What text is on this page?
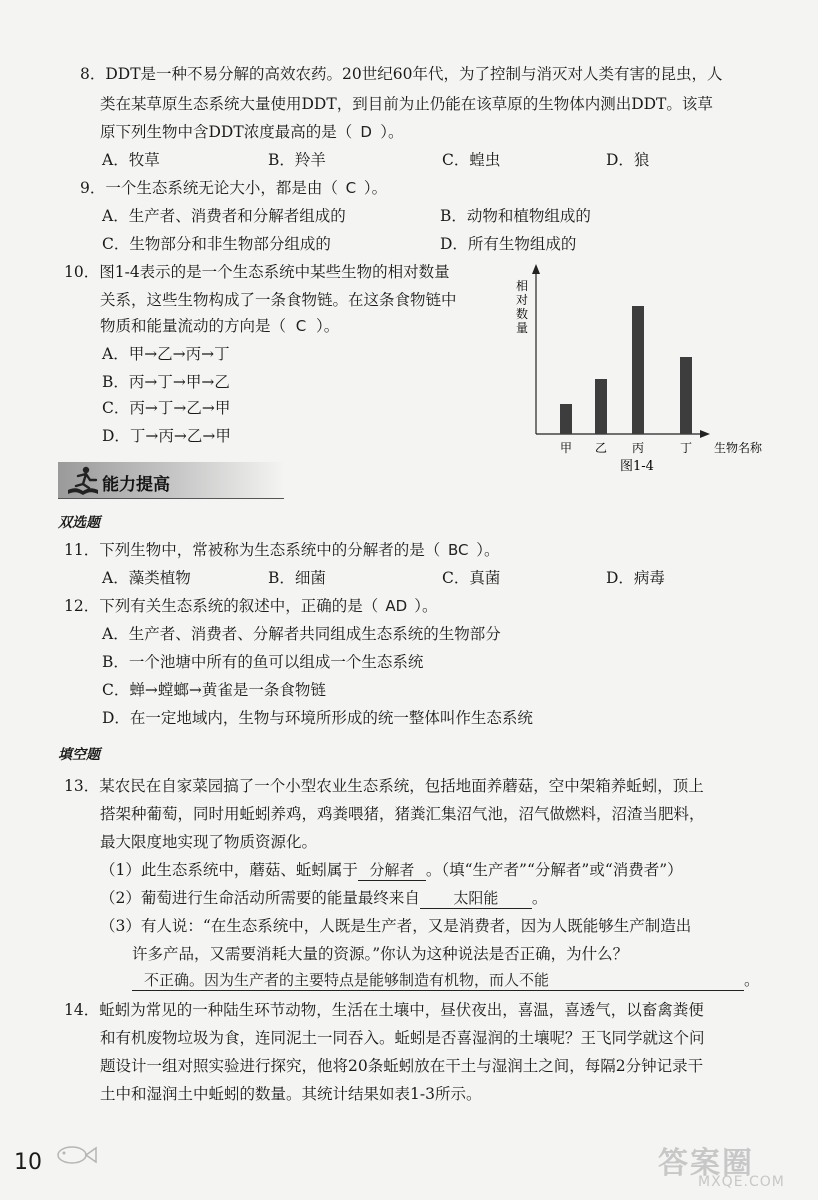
8．DDT是一种不易分解的高效农药。20世纪60年代，为了控制与消灭对人类有害的昆虫，人
类在某草原生态系统大量使用DDT，到目前为止仍能在该草原的生物体内测出DDT。该草
原下列生物中含DDT浓度最高的是（ D ）。
A．牧草	B．羚羊	C．蝗虫	D．狼
9．一个生态系统无论大小，都是由（ C ）。
A．生产者、消费者和分解者组成的	B．动物和植物组成的
C．生物部分和非生物部分组成的	D．所有生物组成的
10．图1-4表示的是一个生态系统中某些生物的相对数量
关系，这些生物构成了一条食物链。在这条食物链中
物质和能量流动的方向是（ C ）。
A．甲→乙→丙→丁
B．丙→丁→甲→乙
C．丙→丁→乙→甲
D．丁→丙→乙→甲
相
对
数
量
甲 乙 丙	丁 生物名称
图1-4
能力提高
双选题
11．下列生物中，常被称为生态系统中的分解者的是（ BC ）。
A．藻类植物	B．细菌	C．真菌	D．病毒
12．下列有关生态系统的叙述中，正确的是（ AD ）。
A．生产者、消费者、分解者共同组成生态系统的生物部分
B．一个池塘中所有的鱼可以组成一个生态系统
C．蝉→螳螂→黄雀是一条食物链
D．在一定地域内，生物与环境所形成的统一整体叫作生态系统
填空题
13．某农民在自家菜园搞了一个小型农业生态系统，包括地面养蘑菇，空中架箱养蚯蚓，顶上
搭架种葡萄，同时用蚯蚓养鸡，鸡粪喂猪，猪粪汇集沼气池，沼气做燃料，沼渣当肥料，
最大限度地实现了物质资源化。
（1）此生态系统中，蘑菇、蚯蚓属于 分解者 。（填“生产者”“分解者”或“消费者”）
（2）葡萄进行生命活动所需要的能量最终来自 太阳能 。
（3）有人说：“在生态系统中，人既是生产者，又是消费者，因为人既能够生产制造出
许多产品，又需要消耗大量的资源。”你认为这种说法是否正确，为什么？
不正确。因为生产者的主要特点是能够制造有机物，而人不能	。
14．蚯蚓为常见的一种陆生环节动物，生活在土壤中，昼伏夜出，喜温，喜透气，以畜禽粪便
和有机废物垃圾为食，连同泥土一同吞入。蚯蚓是否喜湿润的土壤呢？王飞同学就这个问
题设计一组对照实验进行探究，他将20条蚯蚓放在干土与湿润土之间，每隔2分钟记录干
土中和湿润土中蚯蚓的数量。其统计结果如表1-3所示。
10	答案圈
MXQE.COM
